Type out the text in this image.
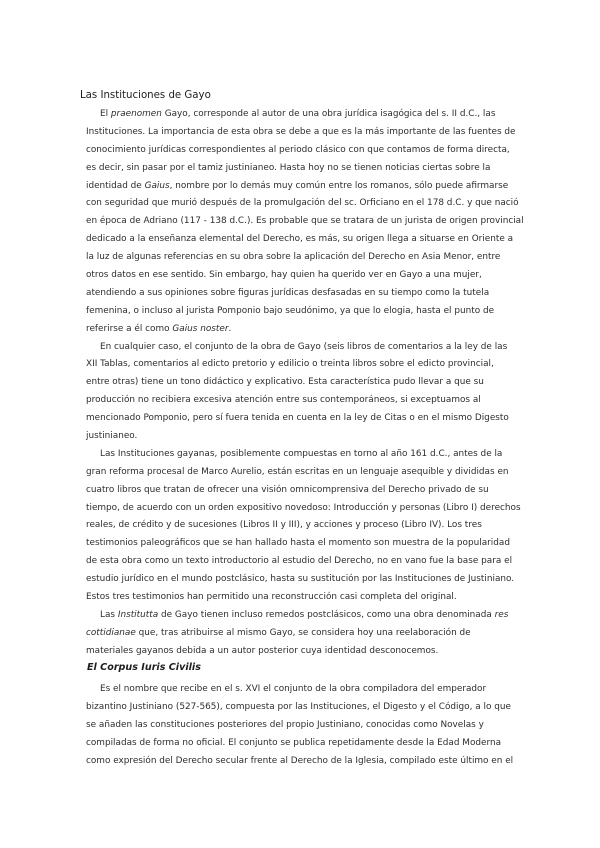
Las Instituciones de Gayo
El praenomen Gayo, corresponde al autor de una obra jurídica isagógica del s. II d.C., las
Instituciones. La importancia de esta obra se debe a que es la más importante de las fuentes de
conocimiento jurídicas correspondientes al periodo clásico con que contamos de forma directa,
es decir, sin pasar por el tamiz justinianeo. Hasta hoy no se tienen noticias ciertas sobre la
identidad de Gaius, nombre por lo demás muy común entre los romanos, sólo puede afirmarse
con seguridad que murió después de la promulgación del sc. Orficiano en el 178 d.C. y que nació
en época de Adriano (117 - 138 d.C.). Es probable que se tratara de un jurista de origen provincial
dedicado a la enseñanza elemental del Derecho, es más, su origen llega a situarse en Oriente a
la luz de algunas referencias en su obra sobre la aplicación del Derecho en Asia Menor, entre
otros datos en ese sentido. Sin embargo, hay quien ha querido ver en Gayo a una mujer,
atendiendo a sus opiniones sobre figuras jurídicas desfasadas en su tiempo como la tutela
femenina, o incluso al jurista Pomponio bajo seudónimo, ya que lo elogia, hasta el punto de
referirse a él como Gaius noster.
En cualquier caso, el conjunto de la obra de Gayo (seis libros de comentarios a la ley de las
XII Tablas, comentarios al edicto pretorio y edilicio o treinta libros sobre el edicto provincial,
entre otras) tiene un tono didáctico y explicativo. Esta característica pudo llevar a que su
producción no recibiera excesiva atención entre sus contemporáneos, si exceptuamos al
mencionado Pomponio, pero sí fuera tenida en cuenta en la ley de Citas o en el mismo Digesto
justinianeo.
Las Instituciones gayanas, posiblemente compuestas en torno al año 161 d.C., antes de la
gran reforma procesal de Marco Aurelio, están escritas en un lenguaje asequible y divididas en
cuatro libros que tratan de ofrecer una visión omnicomprensiva del Derecho privado de su
tiempo, de acuerdo con un orden expositivo novedoso: Introducción y personas (Libro I) derechos
reales, de crédito y de sucesiones (Libros II y III), y acciones y proceso (Libro IV). Los tres
testimonios paleográficos que se han hallado hasta el momento son muestra de la popularidad
de esta obra como un texto introductorio al estudio del Derecho, no en vano fue la base para el
estudio jurídico en el mundo postclásico, hasta su sustitución por las Instituciones de Justiniano.
Estos tres testimonios han permitido una reconstrucción casi completa del original.
Las Institutta de Gayo tienen incluso remedos postclásicos, como una obra denominada res
cottidianae que, tras atribuirse al mismo Gayo, se considera hoy una reelaboración de
materiales gayanos debida a un autor posterior cuya identidad desconocemos.
El Corpus Iuris Civilis
Es el nombre que recibe en el s. XVI el conjunto de la obra compiladora del emperador
bizantino Justiniano (527-565), compuesta por las Instituciones, el Digesto y el Código, a lo que
se añaden las constituciones posteriores del propio Justiniano, conocidas como Novelas y
compiladas de forma no oficial. El conjunto se publica repetidamente desde la Edad Moderna
como expresión del Derecho secular frente al Derecho de la Iglesia, compilado este último en el
